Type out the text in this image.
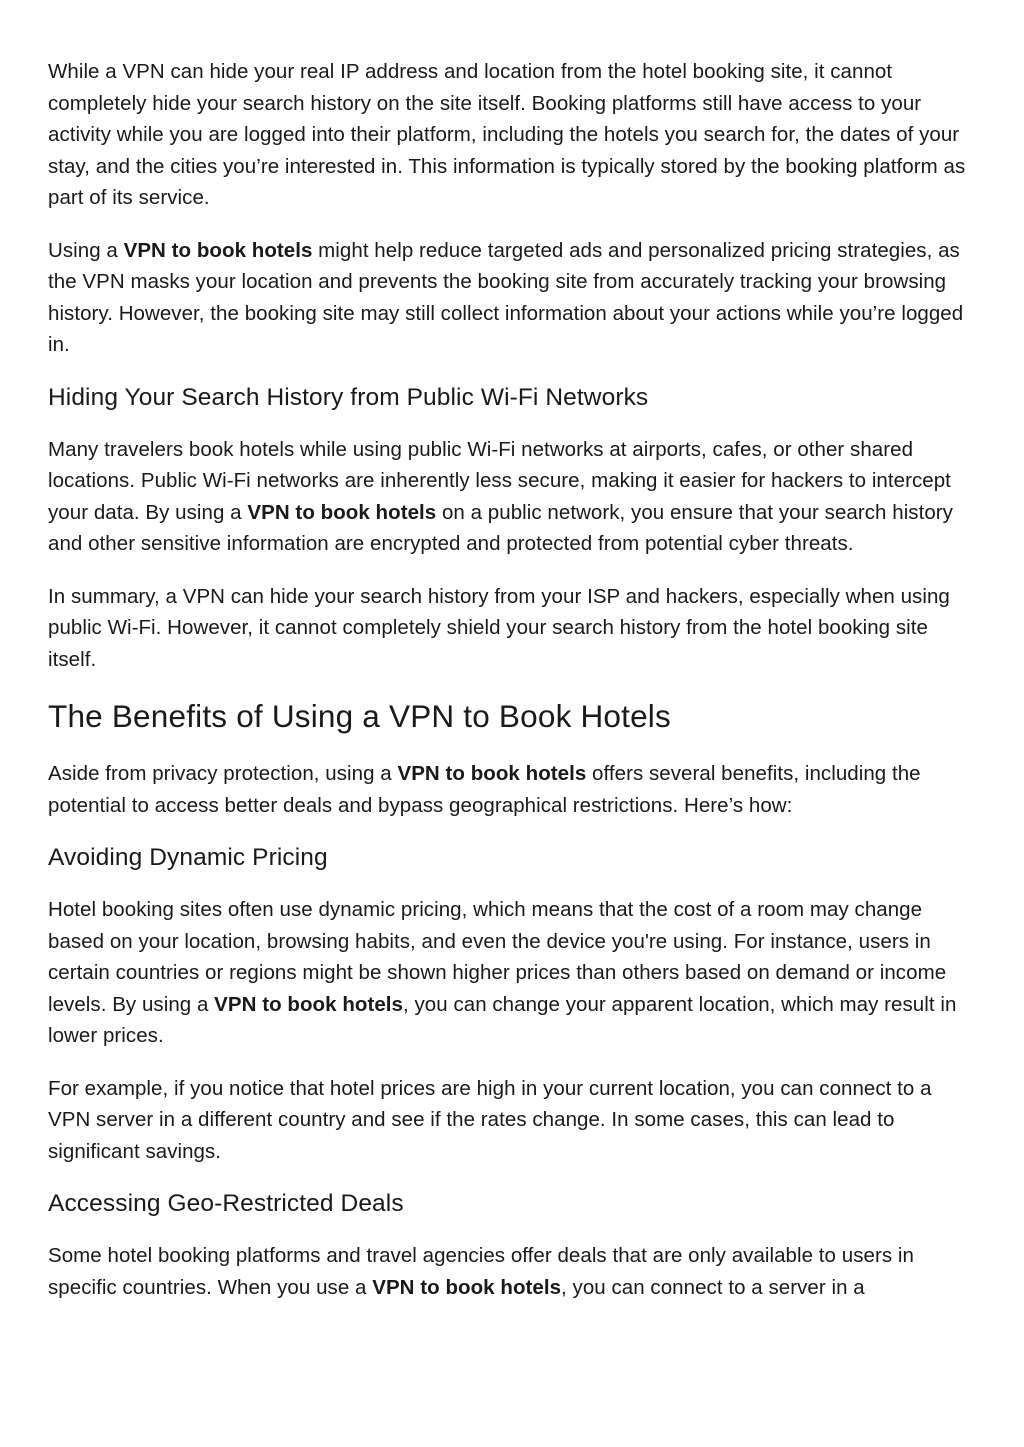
While a VPN can hide your real IP address and location from the hotel booking site, it cannot completely hide your search history on the site itself. Booking platforms still have access to your activity while you are logged into their platform, including the hotels you search for, the dates of your stay, and the cities you’re interested in. This information is typically stored by the booking platform as part of its service.

Using a VPN to book hotels might help reduce targeted ads and personalized pricing strategies, as the VPN masks your location and prevents the booking site from accurately tracking your browsing history. However, the booking site may still collect information about your actions while you’re logged in.

Hiding Your Search History from Public Wi-Fi Networks

Many travelers book hotels while using public Wi-Fi networks at airports, cafes, or other shared locations. Public Wi-Fi networks are inherently less secure, making it easier for hackers to intercept your data. By using a VPN to book hotels on a public network, you ensure that your search history and other sensitive information are encrypted and protected from potential cyber threats.

In summary, a VPN can hide your search history from your ISP and hackers, especially when using public Wi-Fi. However, it cannot completely shield your search history from the hotel booking site itself.

The Benefits of Using a VPN to Book Hotels

Aside from privacy protection, using a VPN to book hotels offers several benefits, including the potential to access better deals and bypass geographical restrictions. Here’s how:

Avoiding Dynamic Pricing

Hotel booking sites often use dynamic pricing, which means that the cost of a room may change based on your location, browsing habits, and even the device you're using. For instance, users in certain countries or regions might be shown higher prices than others based on demand or income levels. By using a VPN to book hotels, you can change your apparent location, which may result in lower prices.

For example, if you notice that hotel prices are high in your current location, you can connect to a VPN server in a different country and see if the rates change. In some cases, this can lead to significant savings.

Accessing Geo-Restricted Deals

Some hotel booking platforms and travel agencies offer deals that are only available to users in specific countries. When you use a VPN to book hotels, you can connect to a server in a
